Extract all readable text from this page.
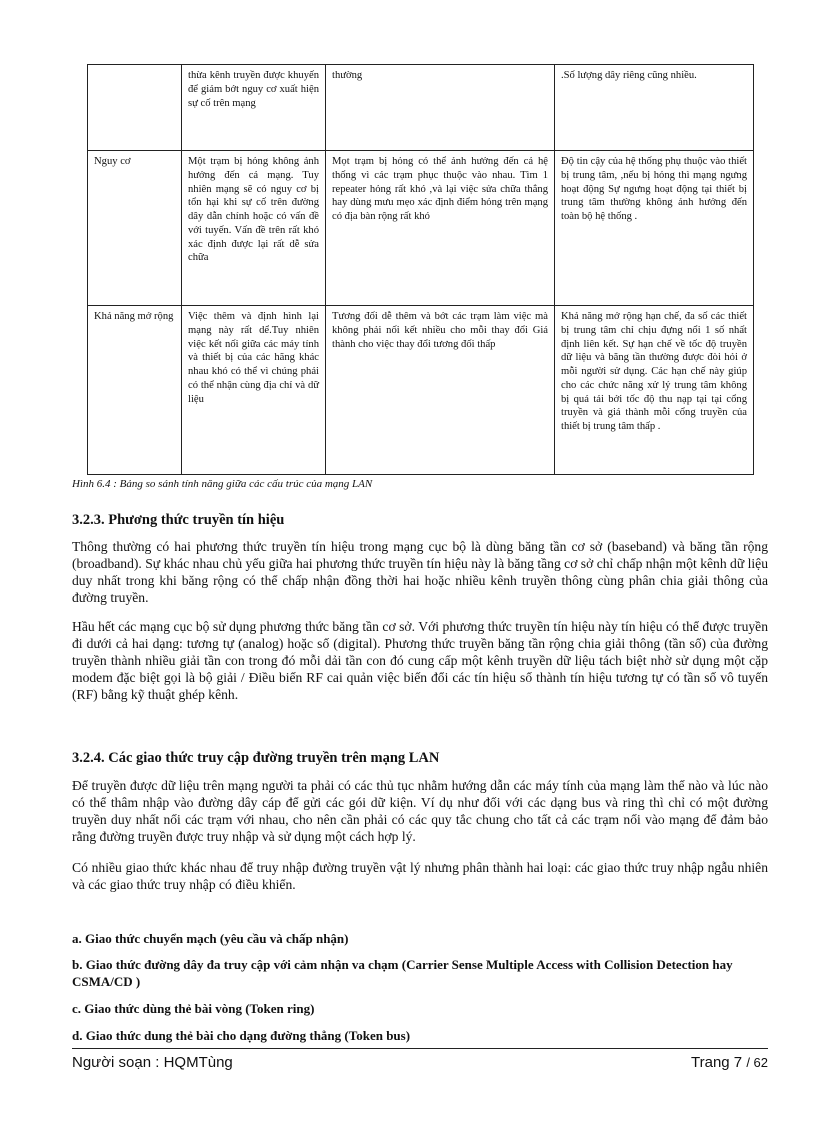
	thừa kênh truyền được khuyến để giảm bớt nguy cơ xuất hiện sự cố trên mạng	thường	.Số lượng dây riêng cũng nhiều.
Nguy cơ	Một trạm bị hỏng không ảnh hưởng đến cả mạng. Tuy nhiên mạng sẽ có nguy cơ bị tổn hại khi sự cố trên đường dây dẫn chính hoặc có vấn đề với tuyến. Vấn đề trên rất khó xác định được lại rất dễ sửa chữa	Mọt trạm bị hỏng có thể ảnh hưởng đến cả hệ thống vì các trạm phục thuộc vào nhau. Tìm 1 repeater hỏng rất khó ,và lại việc sửa chữa thẳng hay dùng mưu mẹo xác định điểm hỏng trên mạng có địa bàn rộng rất khó	Độ tin cậy của hệ thống phụ thuộc vào thiết bị trung tâm, ,nếu bị hỏng thì mạng ngưng hoạt động Sự ngưng hoạt động tại thiết bị trung tâm thường không ảnh hưởng đến toàn bộ hệ thống .
Khả năng mở rộng	Việc thêm và định hình lại mạng này rất dể.Tuy nhiên việc kết nối giữa các máy tính và thiết bị của các hãng khác nhau khó có thể vì chúng phải có thể nhận cùng địa chỉ và dữ liệu	Tương đối dễ thêm và bớt các trạm làm việc mà không phải nối kết nhiều cho mỗi thay đổi Giá thành cho việc thay đổi tương đối thấp	Khả năng mở rộng hạn chế, đa số các thiết bị trung tâm chỉ chịu đựng nổi 1 số nhất định liên kết. Sự hạn chế về tốc độ truyền dữ liệu và băng tần thường được đòi hỏi ở mỗi người sử dụng. Các hạn chế này giúp cho các chức năng xử lý trung tâm không bị quá tải bởi tốc độ thu nạp tại tại cổng truyền và giá thành mỗi cổng truyền của thiết bị trung tâm thấp .
Hình 6.4 : Bảng so sánh tính năng giữa các cấu trúc của mạng LAN
3.2.3. Phương thức truyền tín hiệu

Thông thường có hai phương thức truyền tín hiệu trong mạng cục bộ là dùng băng tần cơ sở (baseband) và băng tần rộng (broadband). Sự khác nhau chủ yếu giữa hai phương thức truyền tín hiệu này là băng tầng cơ sở chỉ chấp nhận một kênh dữ liệu duy nhất trong khi băng rộng có thể chấp nhận đồng thời hai hoặc nhiều kênh truyền thông cùng phân chia giải thông của đường truyền.

Hầu hết các mạng cục bộ sử dụng phương thức băng tần cơ sở. Với phương thức truyền tín hiệu này tín hiệu có thể được truyền đi dưới cả hai dạng: tương tự (analog) hoặc số (digital). Phương thức truyền băng tần rộng chia giải thông (tần số) của đường truyền thành nhiều giải tần con trong đó mỗi dải tần con đó cung cấp một kênh truyền dữ liệu tách biệt nhờ sử dụng một cặp modem đặc biệt gọi là bộ giải / Điều biến RF cai quản việc biến đổi các tín hiệu số thành tín hiệu tương tự có tần số vô tuyến (RF) bằng kỹ thuật ghép kênh.

3.2.4. Các giao thức truy cập đường truyền trên mạng LAN

Để truyền được dữ liệu trên mạng người ta phải có các thủ tục nhằm hướng dẫn các máy tính của mạng làm thế nào và lúc nào có thể thâm nhập vào đường dây cáp để gửi các gói dữ kiện. Ví dụ như đối với các dạng bus và ring thì chỉ có một đường truyền duy nhất nối các trạm với nhau, cho nên cần phải có các quy tắc chung cho tất cả các trạm nối vào mạng để đảm bảo rằng đường truyền được truy nhập và sử dụng một cách hợp lý.

Có nhiều giao thức khác nhau để truy nhập đường truyền vật lý nhưng phân thành hai loại: các giao thức truy nhập ngẫu nhiên và các giao thức truy nhập có điều khiển.

a. Giao thức chuyển mạch (yêu cầu và chấp nhận)

b. Giao thức đường dây đa truy cập với cảm nhận va chạm (Carrier Sense Multiple Access with Collision Detection hay CSMA/CD )

c. Giao thức dùng thẻ bài vòng (Token ring)

d. Giao thức dung thẻ bài cho dạng đường thẳng (Token bus)

Người soạn : HQMTùng	Trang 7 / 62
